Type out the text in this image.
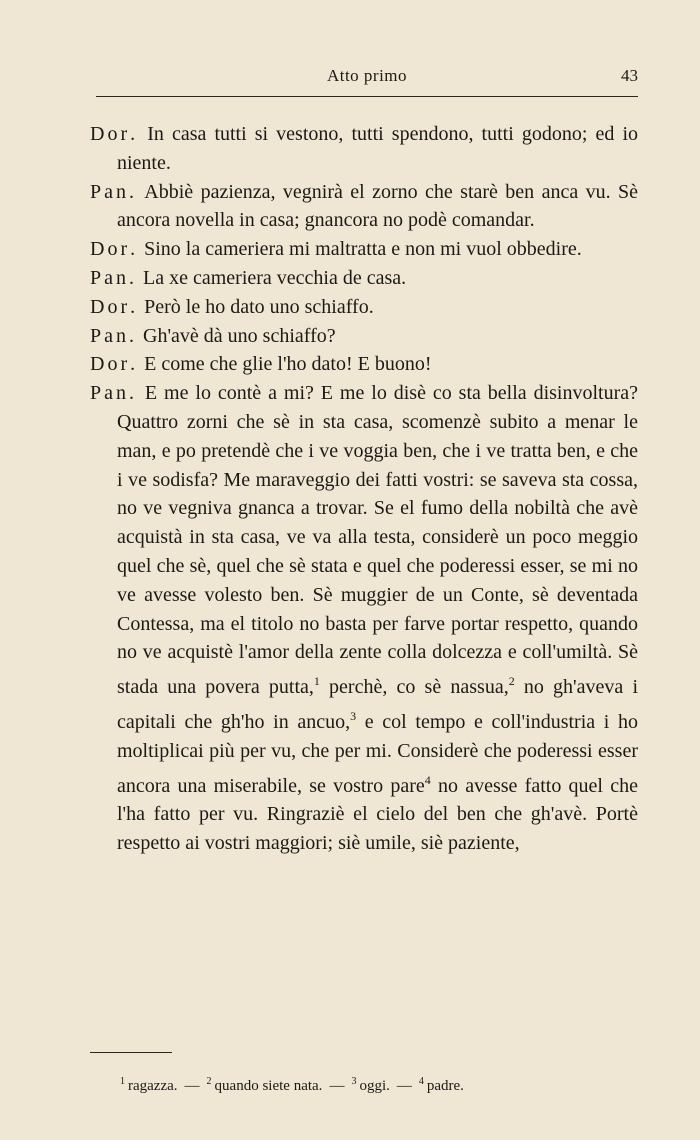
Atto primo	43

Dor. In casa tutti si vestono, tutti spendono, tutti godono; ed io niente.

Pan. Abbiè pazienza, vegnirà el zorno che starè ben anca vu. Sè ancora novella in casa; gnancora no podè comandar.

Dor. Sino la cameriera mi maltratta e non mi vuol obbedire.

Pan. La xe cameriera vecchia de casa.

Dor. Però le ho dato uno schiaffo.

Pan. Gh'avè dà uno schiaffo?

Dor. E come che glie l'ho dato! E buono!

Pan. E me lo contè a mi? E me lo disè co sta bella disinvoltura? Quattro zorni che sè in sta casa, scomenzè subito a menar le man, e po pretendè che i ve voggia ben, che i ve tratta ben, e che i ve sodisfa? Me maraveggio dei fatti vostri: se saveva sta cossa, no ve vegniva gnanca a trovar. Se el fumo della nobiltà che avè acquistà in sta casa, ve va alla testa, considerè un poco meggio quel che sè, quel che sè stata e quel che poderessi esser, se mi no ve avesse volesto ben. Sè muggier de un Conte, sè deventada Contessa, ma el titolo no basta per farve portar respetto, quando no ve acquistè l'amor della zente colla dolcezza e coll'umiltà. Sè stada una povera putta,$^1$ perchè, co sè nassua,$^2$ no gh'aveva i capitali che gh'ho in ancuo,$^3$ e col tempo e coll'industria i ho moltiplicai più per vu, che per mi. Considerè che poderessi esser ancora una miserabile, se vostro pare$^4$ no avesse fatto quel che l'ha fatto per vu. Ringraziè el cielo del ben che gh'avè. Portè respetto ai vostri maggiori; siè umile, siè paziente,

$^1$ ragazza. — $^2$ quando siete nata. — $^3$ oggi. — $^4$ padre.
